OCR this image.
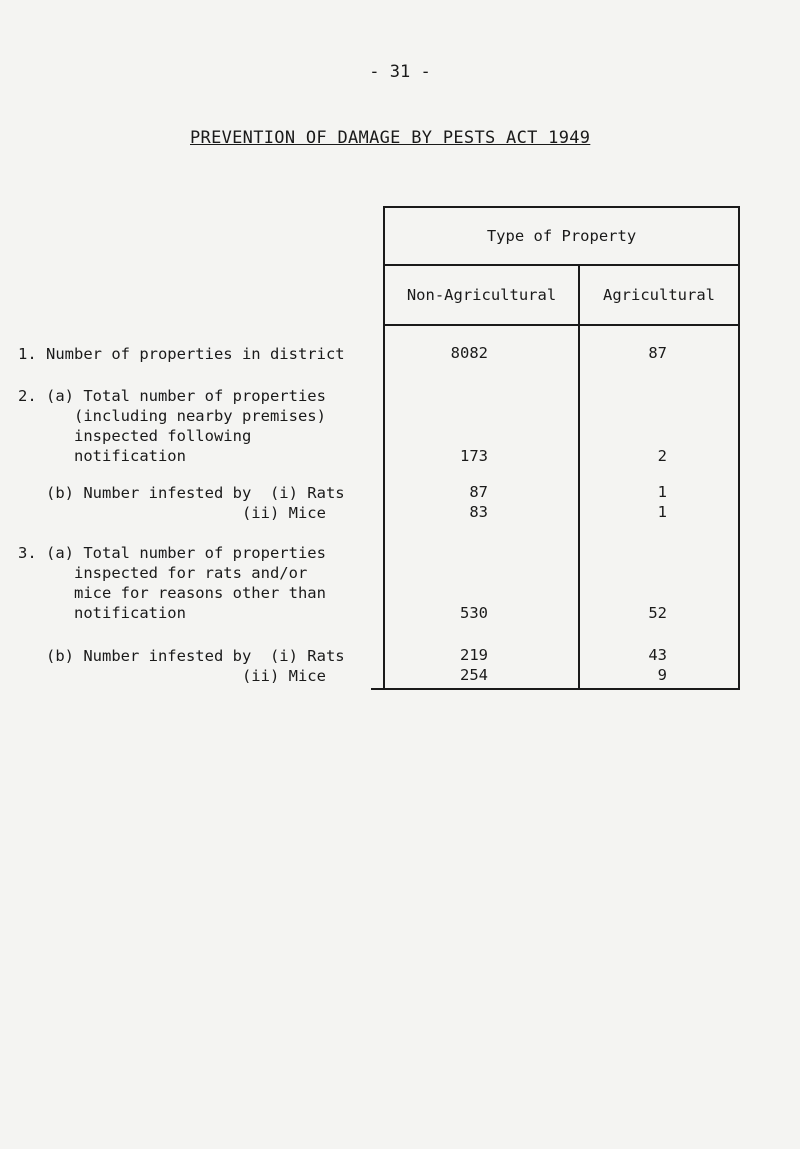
- 31 -
PREVENTION OF DAMAGE BY PESTS ACT 1949
Type of Property
Non-Agricultural	Agricultural
1. Number of properties in district
2. (a) Total number of properties
(including nearby premises)
inspected following
notification
(b) Number infested by  (i) Rats
(ii) Mice
3. (a) Total number of properties
inspected for rats and/or
mice for reasons other than
notification
(b) Number infested by  (i) Rats
(ii) Mice
8082
173
87
83
530
219
254
87
2
1
1
52
43
9
